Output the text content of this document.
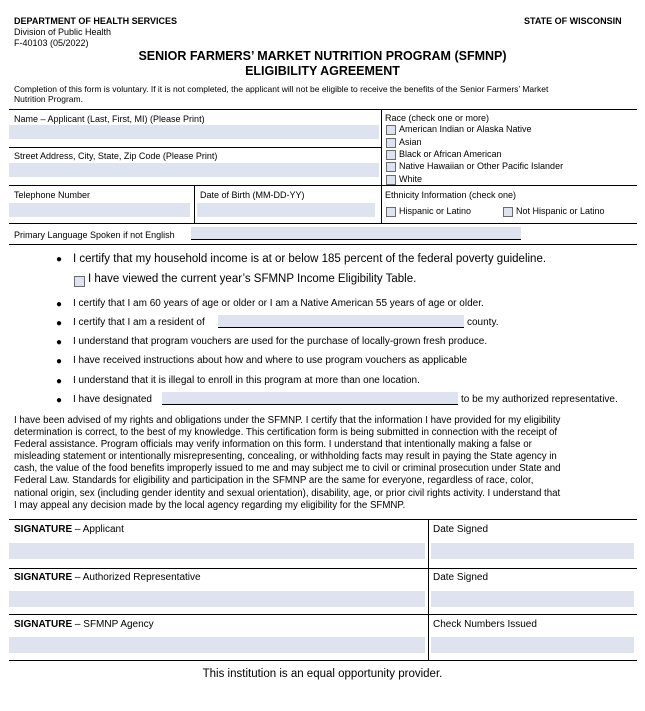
DEPARTMENT OF HEALTH SERVICES
Division of Public Health
F-40103 (05/2022)
STATE OF WISCONSIN
SENIOR FARMERS’ MARKET NUTRITION PROGRAM (SFMNP)
ELIGIBILITY AGREEMENT
Completion of this form is voluntary. If it is not completed, the applicant will not be eligible to receive the benefits of the Senior Farmers’ Market
Nutrition Program.
Name – Applicant (Last, First, MI) (Please Print)
Street Address, City, State, Zip Code (Please Print)
Telephone Number	Date of Birth (MM-DD-YY)
Race (check one or more)
American Indian or Alaska Native
Asian
Black or African American
Native Hawaiian or Other Pacific Islander
White
Ethnicity Information (check one)
Hispanic or Latino	Not Hispanic or Latino
Primary Language Spoken if not English
● I certify that my household income is at or below 185 percent of the federal poverty guideline.
I have viewed the current year’s SFMNP Income Eligibility Table.
● I certify that I am 60 years of age or older or I am a Native American 55 years of age or older.
● I certify that I am a resident of	county.
● I understand that program vouchers are used for the purchase of locally-grown fresh produce.
● I have received instructions about how and where to use program vouchers as applicable
● I understand that it is illegal to enroll in this program at more than one location.
● I have designated	to be my authorized representative.
I have been advised of my rights and obligations under the SFMNP. I certify that the information I have provided for my eligibility
determination is correct, to the best of my knowledge. This certification form is being submitted in connection with the receipt of
Federal assistance. Program officials may verify information on this form. I understand that intentionally making a false or
misleading statement or intentionally misrepresenting, concealing, or withholding facts may result in paying the State agency in
cash, the value of the food benefits improperly issued to me and may subject me to civil or criminal prosecution under State and
Federal Law. Standards for eligibility and participation in the SFMNP are the same for everyone, regardless of race, color,
national origin, sex (including gender identity and sexual orientation), disability, age, or prior civil rights activity. I understand that
I may appeal any decision made by the local agency regarding my eligibility for the SFMNP.
SIGNATURE – Applicant	Date Signed
SIGNATURE – Authorized Representative	Date Signed
SIGNATURE – SFMNP Agency	Check Numbers Issued
This institution is an equal opportunity provider.
